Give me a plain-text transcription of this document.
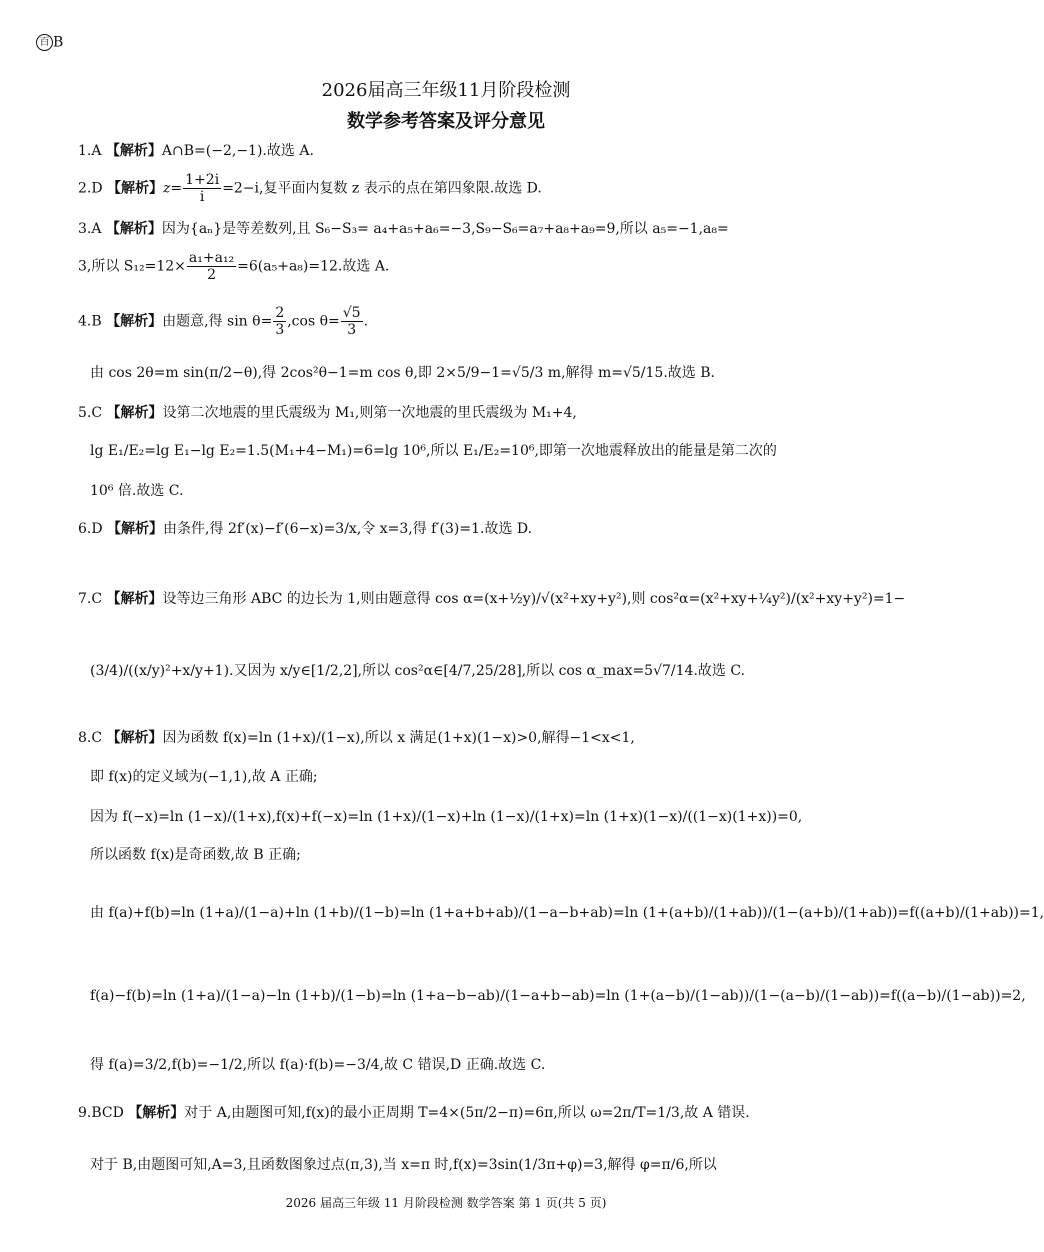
百 B
2026届高三年级11月阶段检测
数学参考答案及评分意见
1.A 【解析】A∩B=(−2,−1).故选 A.
2.D 【解析】$z= \frac{1+2i}{i} =2-i$,复平面内复数 z 表示的点在第四象限.故选 D.
3.A 【解析】因为{aₙ}是等差数列,且 S₆−S₃= a₄+a₅+a₆=−3,S₉−S₆=a₇+a₈+a₉=9,所以 a₅=−1,a₈=
3,所以 $S_{12}=12\times \frac{\text{a₁+a₁₂}}{2} =6(a_5+a_8)=12$.故选 A.
4.B 【解析】由题意,得 $\sin \theta= \frac{2}{3} ,\cos$ $\theta= \frac{√5}{3}$ .
由 cos 2θ=m sin(π/2−θ),得 2cos²θ−1=m cos θ,即 2×5/9−1=√5/3 m,解得 m=√5/15.故选 B.
5.C 【解析】设第二次地震的里氏震级为 M₁,则第一次地震的里氏震级为 M₁+4,
lg E₁/E₂=lg E₁−lg E₂=1.5(M₁+4−M₁)=6=lg 10⁶,所以 E₁/E₂=10⁶,即第一次地震释放出的能量是第二次的
10⁶ 倍.故选 C.
6.D 【解析】由条件,得 2f′(x)−f′(6−x)=3/x,令 x=3,得 f′(3)=1.故选 D.
7.C 【解析】设等边三角形 ABC 的边长为 1,则由题意得 cos α=(x+½y)/√(x²+xy+y²),则 cos²α=(x²+xy+¼y²)/(x²+xy+y²)=1−
(3/4)/((x/y)²+x/y+1).又因为 x/y∈[1/2,2],所以 cos²α∈[4/7,25/28],所以 cos α_max=5√7/14.故选 C.
8.C 【解析】因为函数 f(x)=ln (1+x)/(1−x),所以 x 满足(1+x)(1−x)>0,解得−1<x<1,
即 f(x)的定义域为(−1,1),故 A 正确;
因为 f(−x)=ln (1−x)/(1+x),f(x)+f(−x)=ln (1+x)/(1−x)+ln (1−x)/(1+x)=ln (1+x)(1−x)/((1−x)(1+x))=0,
所以函数 f(x)是奇函数,故 B 正确;
由 f(a)+f(b)=ln (1+a)/(1−a)+ln (1+b)/(1−b)=ln (1+a+b+ab)/(1−a−b+ab)=ln (1+(a+b)/(1+ab))/(1−(a+b)/(1+ab))=f((a+b)/(1+ab))=1,
f(a)−f(b)=ln (1+a)/(1−a)−ln (1+b)/(1−b)=ln (1+a−b−ab)/(1−a+b−ab)=ln (1+(a−b)/(1−ab))/(1−(a−b)/(1−ab))=f((a−b)/(1−ab))=2,
得 f(a)=3/2,f(b)=−1/2,所以 f(a)·f(b)=−3/4,故 C 错误,D 正确.故选 C.
9.BCD 【解析】对于 A,由题图可知,f(x)的最小正周期 T=4×(5π/2−π)=6π,所以 ω=2π/T=1/3,故 A 错误.
对于 B,由题图可知,A=3,且函数图象过点(π,3),当 x=π 时,f(x)=3sin(1/3π+φ)=3,解得 φ=π/6,所以
2026 届高三年级 11 月阶段检测 数学答案 第 1 页(共 5 页)
